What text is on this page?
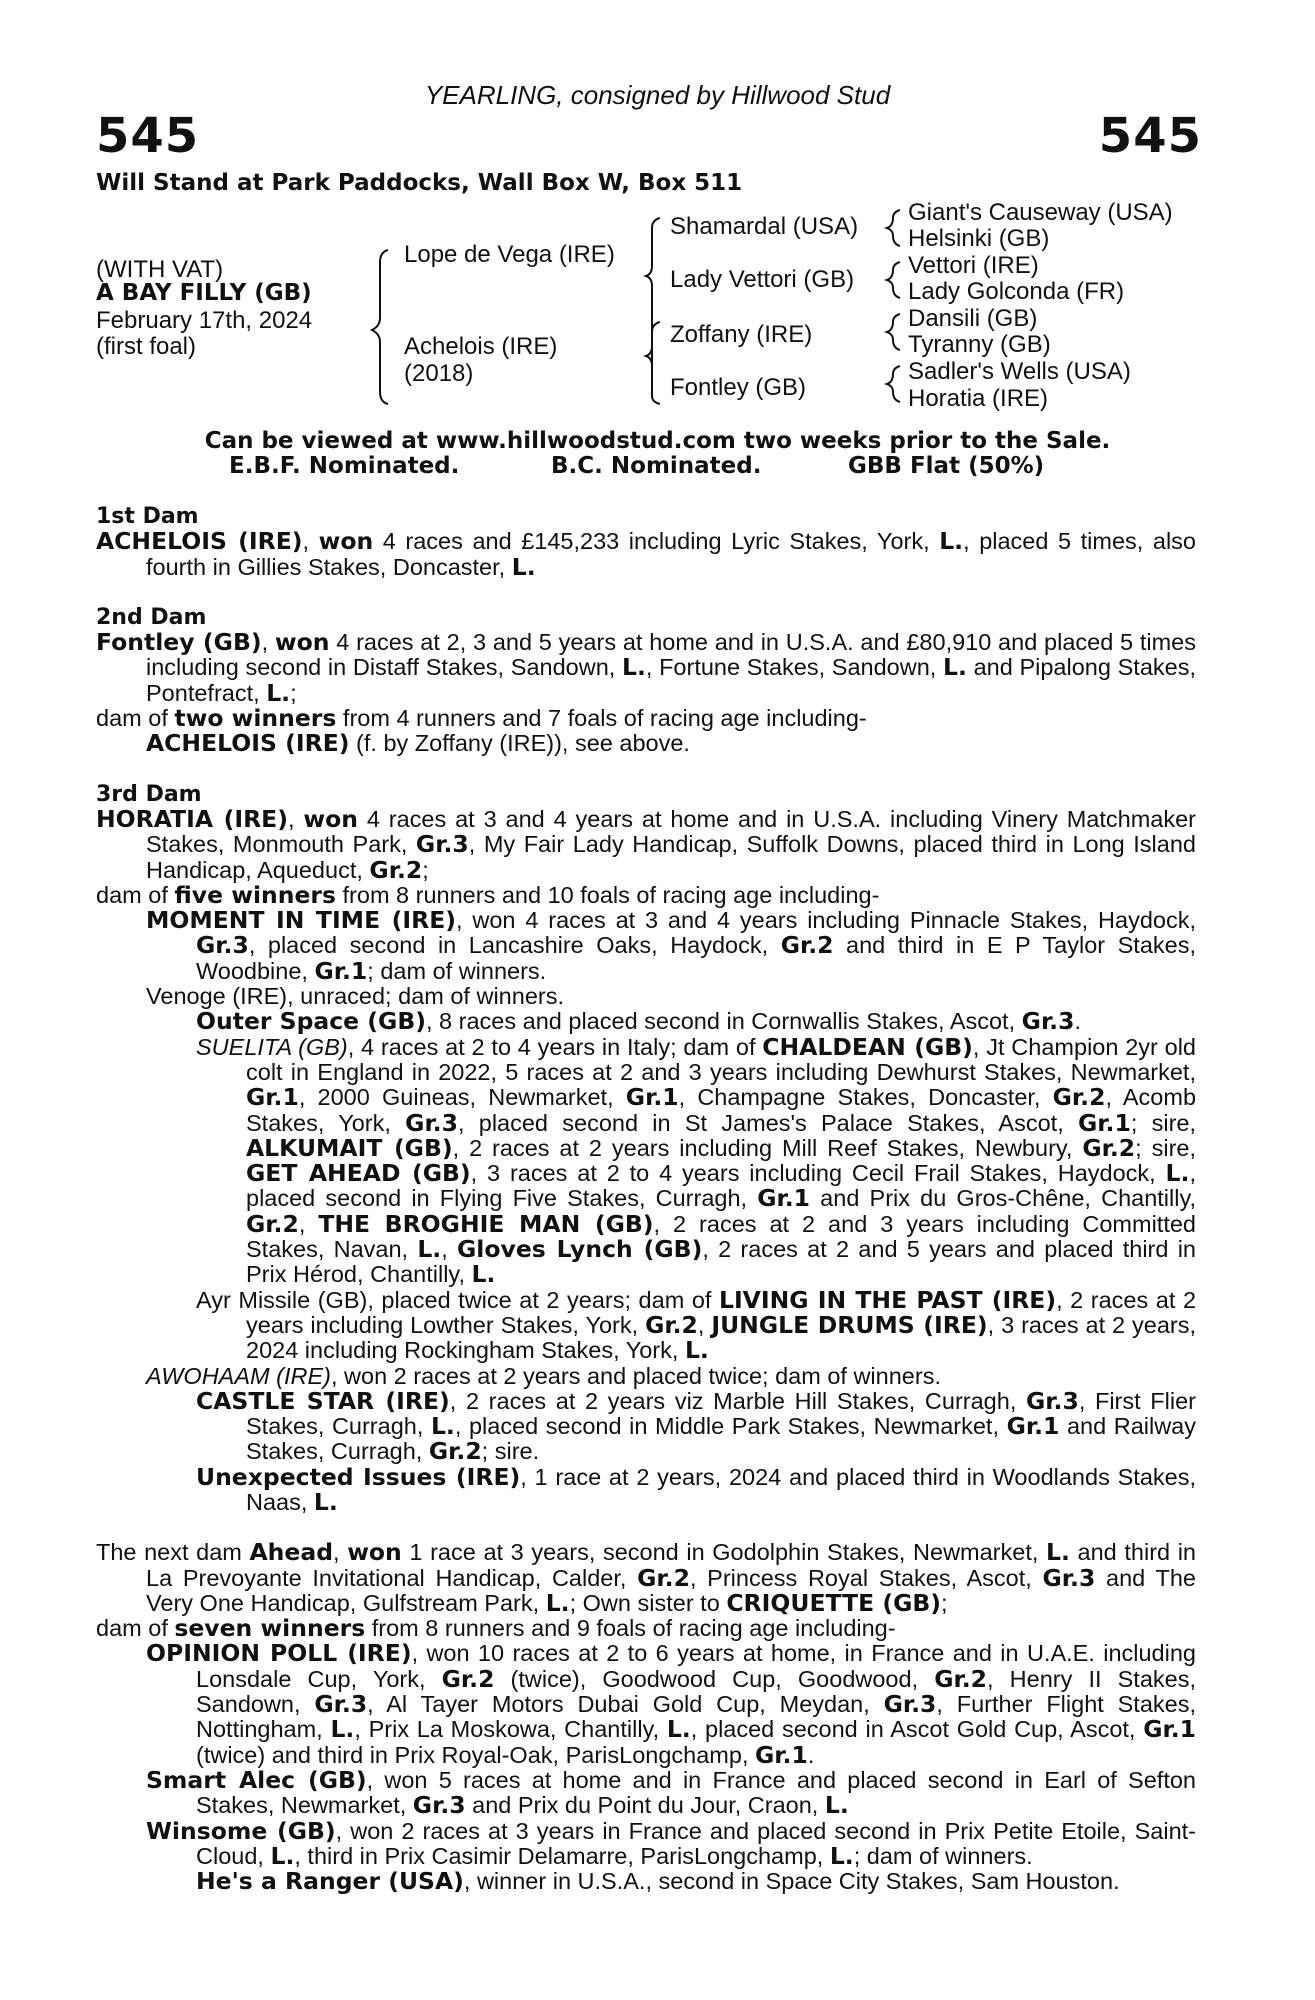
YEARLING, consigned by Hillwood Stud
545	545
Will Stand at Park Paddocks, Wall Box W, Box 511
(WITH VAT)
A BAY FILLY (GB)
February 17th, 2024
(first foal)
Lope de Vega (IRE)
Achelois (IRE)
(2018)
Shamardal (USA)
Lady Vettori (GB)
Zoffany (IRE)
Fontley (GB)
Giant's Causeway (USA)
Helsinki (GB)
Vettori (IRE)
Lady Golconda (FR)
Dansili (GB)
Tyranny (GB)
Sadler's Wells (USA)
Horatia (IRE)
Can be viewed at www.hillwoodstud.com two weeks prior to the Sale.
E.B.F. Nominated.	B.C. Nominated.	GBB Flat (50%)

1st Dam

ACHELOIS (IRE), won 4 races and £145,233 including Lyric Stakes, York, L., placed 5 times, also fourth in Gillies Stakes, Doncaster, L.

2nd Dam

Fontley (GB), won 4 races at 2, 3 and 5 years at home and in U.S.A. and £80,910 and placed 5 times including second in Distaff Stakes, Sandown, L., Fortune Stakes, Sandown, L. and Pipalong Stakes, Pontefract, L.;

dam of two winners from 4 runners and 7 foals of racing age including-

ACHELOIS (IRE) (f. by Zoffany (IRE)), see above.

3rd Dam

HORATIA (IRE), won 4 races at 3 and 4 years at home and in U.S.A. including Vinery Matchmaker Stakes, Monmouth Park, Gr.3, My Fair Lady Handicap, Suffolk Downs, placed third in Long Island Handicap, Aqueduct, Gr.2;

dam of five winners from 8 runners and 10 foals of racing age including-

MOMENT IN TIME (IRE), won 4 races at 3 and 4 years including Pinnacle Stakes, Haydock, Gr.3, placed second in Lancashire Oaks, Haydock, Gr.2 and third in E P Taylor Stakes, Woodbine, Gr.1; dam of winners.

Venoge (IRE), unraced; dam of winners.

Outer Space (GB), 8 races and placed second in Cornwallis Stakes, Ascot, Gr.3.

SUELITA (GB), 4 races at 2 to 4 years in Italy; dam of CHALDEAN (GB), Jt Champion 2yr old colt in England in 2022, 5 races at 2 and 3 years including Dewhurst Stakes, Newmarket, Gr.1, 2000 Guineas, Newmarket, Gr.1, Champagne Stakes, Doncaster, Gr.2, Acomb Stakes, York, Gr.3, placed second in St James's Palace Stakes, Ascot, Gr.1; sire, ALKUMAIT (GB), 2 races at 2 years including Mill Reef Stakes, Newbury, Gr.2; sire, GET AHEAD (GB), 3 races at 2 to 4 years including Cecil Frail Stakes, Haydock, L., placed second in Flying Five Stakes, Curragh, Gr.1 and Prix du Gros-Chêne, Chantilly, Gr.2, THE BROGHIE MAN (GB), 2 races at 2 and 3 years including Committed Stakes, Navan, L., Gloves Lynch (GB), 2 races at 2 and 5 years and placed third in Prix Hérod, Chantilly, L.

Ayr Missile (GB), placed twice at 2 years; dam of LIVING IN THE PAST (IRE), 2 races at 2 years including Lowther Stakes, York, Gr.2, JUNGLE DRUMS (IRE), 3 races at 2 years, 2024 including Rockingham Stakes, York, L.

AWOHAAM (IRE), won 2 races at 2 years and placed twice; dam of winners.

CASTLE STAR (IRE), 2 races at 2 years viz Marble Hill Stakes, Curragh, Gr.3, First Flier Stakes, Curragh, L., placed second in Middle Park Stakes, Newmarket, Gr.1 and Railway Stakes, Curragh, Gr.2; sire.

Unexpected Issues (IRE), 1 race at 2 years, 2024 and placed third in Woodlands Stakes, Naas, L.

The next dam Ahead, won 1 race at 3 years, second in Godolphin Stakes, Newmarket, L. and third in La Prevoyante Invitational Handicap, Calder, Gr.2, Princess Royal Stakes, Ascot, Gr.3 and The Very One Handicap, Gulfstream Park, L.; Own sister to CRIQUETTE (GB);

dam of seven winners from 8 runners and 9 foals of racing age including-

OPINION POLL (IRE), won 10 races at 2 to 6 years at home, in France and in U.A.E. including Lonsdale Cup, York, Gr.2 (twice), Goodwood Cup, Goodwood, Gr.2, Henry II Stakes, Sandown, Gr.3, Al Tayer Motors Dubai Gold Cup, Meydan, Gr.3, Further Flight Stakes, Nottingham, L., Prix La Moskowa, Chantilly, L., placed second in Ascot Gold Cup, Ascot, Gr.1 (twice) and third in Prix Royal-Oak, ParisLongchamp, Gr.1.

Smart Alec (GB), won 5 races at home and in France and placed second in Earl of Sefton Stakes, Newmarket, Gr.3 and Prix du Point du Jour, Craon, L.

Winsome (GB), won 2 races at 3 years in France and placed second in Prix Petite Etoile, Saint-Cloud, L., third in Prix Casimir Delamarre, ParisLongchamp, L.; dam of winners.

He's a Ranger (USA), winner in U.S.A., second in Space City Stakes, Sam Houston.
